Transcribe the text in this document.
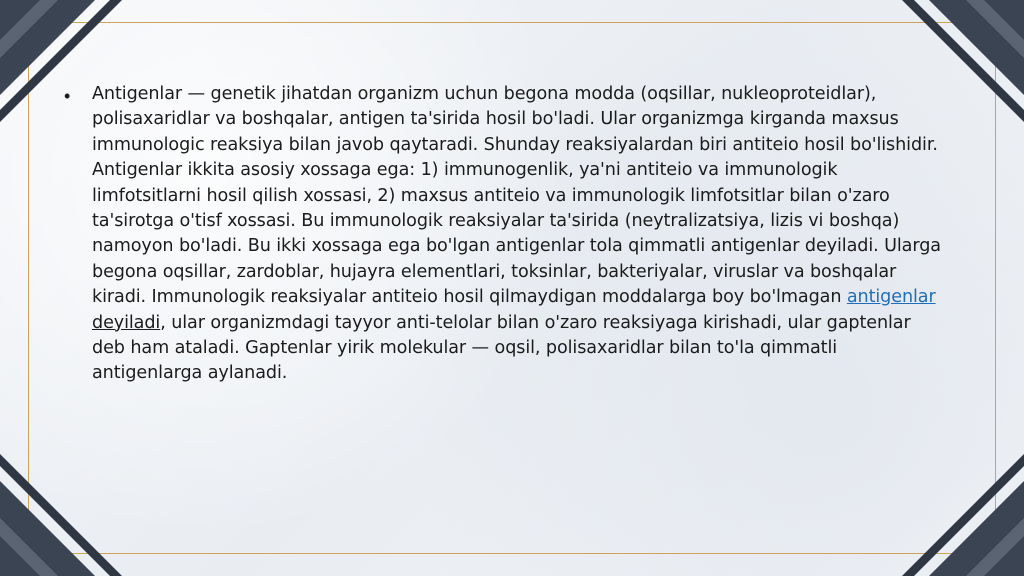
•	Antigenlar — genetik jihatdan organizm uchun begona modda (oqsillar, nukleoproteidlar), polisaxaridlar va boshqalar, antigen ta'sirida hosil bo'ladi. Ular organizmga kirganda maxsus immunologic reaksiya bilan javob qaytaradi. Shunday reaksiyalardan biri antiteio hosil bo'lishidir. Antigenlar ikkita asosiy xossaga ega: 1) immunogenlik, ya'ni antiteio va immunologik limfotsitlarni hosil qilish xossasi, 2) maxsus antiteio va immunologik limfotsitlar bilan o'zaro ta'sirotga o'tisf xossasi. Bu immunologik reaksiyalar ta'sirida (neytralizatsiya, lizis vi boshqa) namoyon bo'ladi. Bu ikki xossaga ega bo'lgan antigenlar tola qimmatli antigenlar deyiladi. Ularga begona oqsillar, zardoblar, hujayra elementlari, toksinlar, bakteriyalar, viruslar va boshqalar kiradi. Immunologik reaksiyalar antiteio hosil qilmaydigan moddalarga boy bo'lmagan antigenlar deyiladi, ular organizmdagi tayyor anti-telolar bilan o'zaro reaksiyaga kirishadi, ular gaptenlar deb ham ataladi. Gaptenlar yirik molekular — oqsil, polisaxaridlar bilan to'la qimmatli antigenlarga aylanadi.
